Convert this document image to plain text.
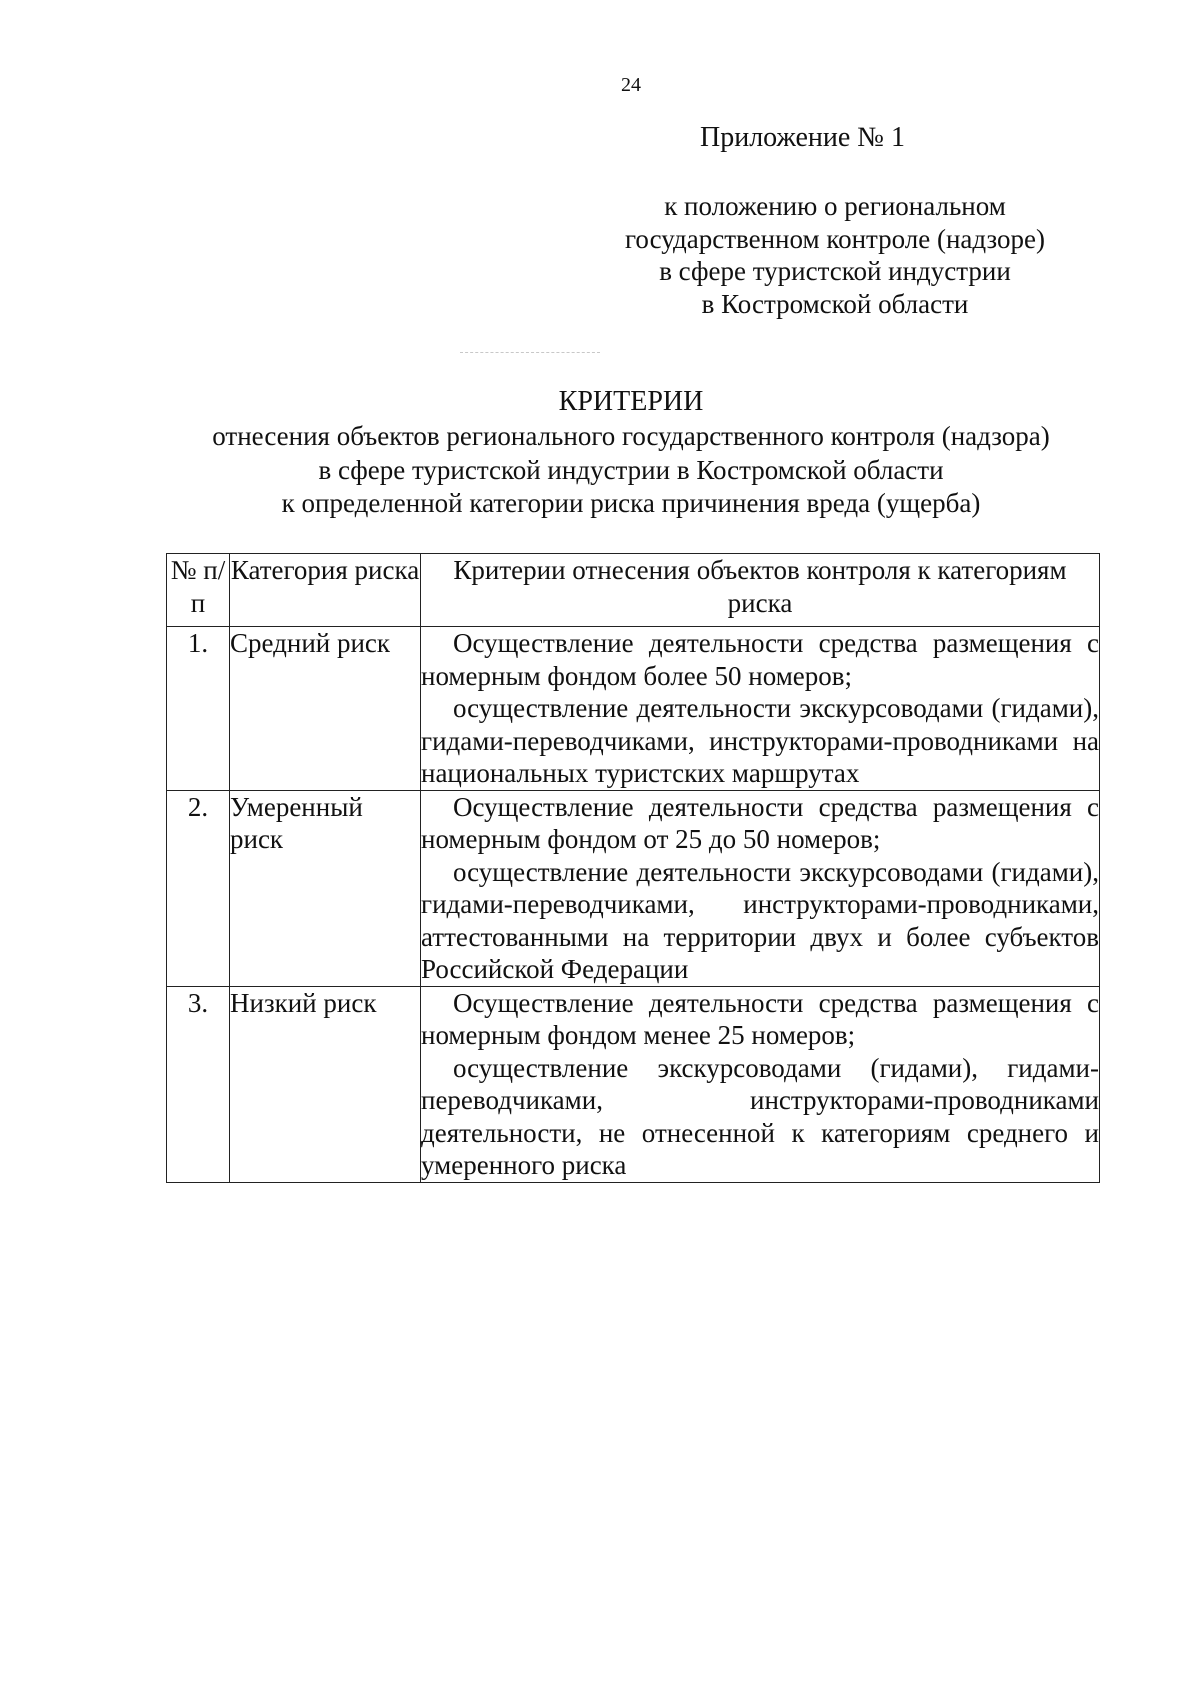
24
Приложение № 1
к положению о региональном
государственном контроле (надзоре)
в сфере туристской индустрии
в Костромской области
КРИТЕРИИ
отнесения объектов регионального государственного контроля (надзора)
в сфере туристской индустрии в Костромской области
к определенной категории риска причинения вреда (ущерба)
№ п/п	Категория риска	Критерии отнесения объектов контроля к категориям риска
1.	Средний риск	Осуществление деятельности средства размещения с номерным фондом более 50 номеров;

осуществление деятельности экскурсоводами (гидами), гидами-переводчиками, инструкторами-проводниками на национальных туристских маршрутах

2.	Умеренный риск	Осуществление деятельности средства размещения с номерным фондом от 25 до 50 номеров;

осуществление деятельности экскурсоводами (гидами), гидами-переводчиками, инструкторами-проводниками, аттестованными на территории двух и более субъектов Российской Федерации

3.	Низкий риск	Осуществление деятельности средства размещения с номерным фондом менее 25 номеров;

осуществление экскурсоводами (гидами), гидами-переводчиками, инструкторами-проводниками деятельности, не отнесенной к категориям среднего и умеренного риска
